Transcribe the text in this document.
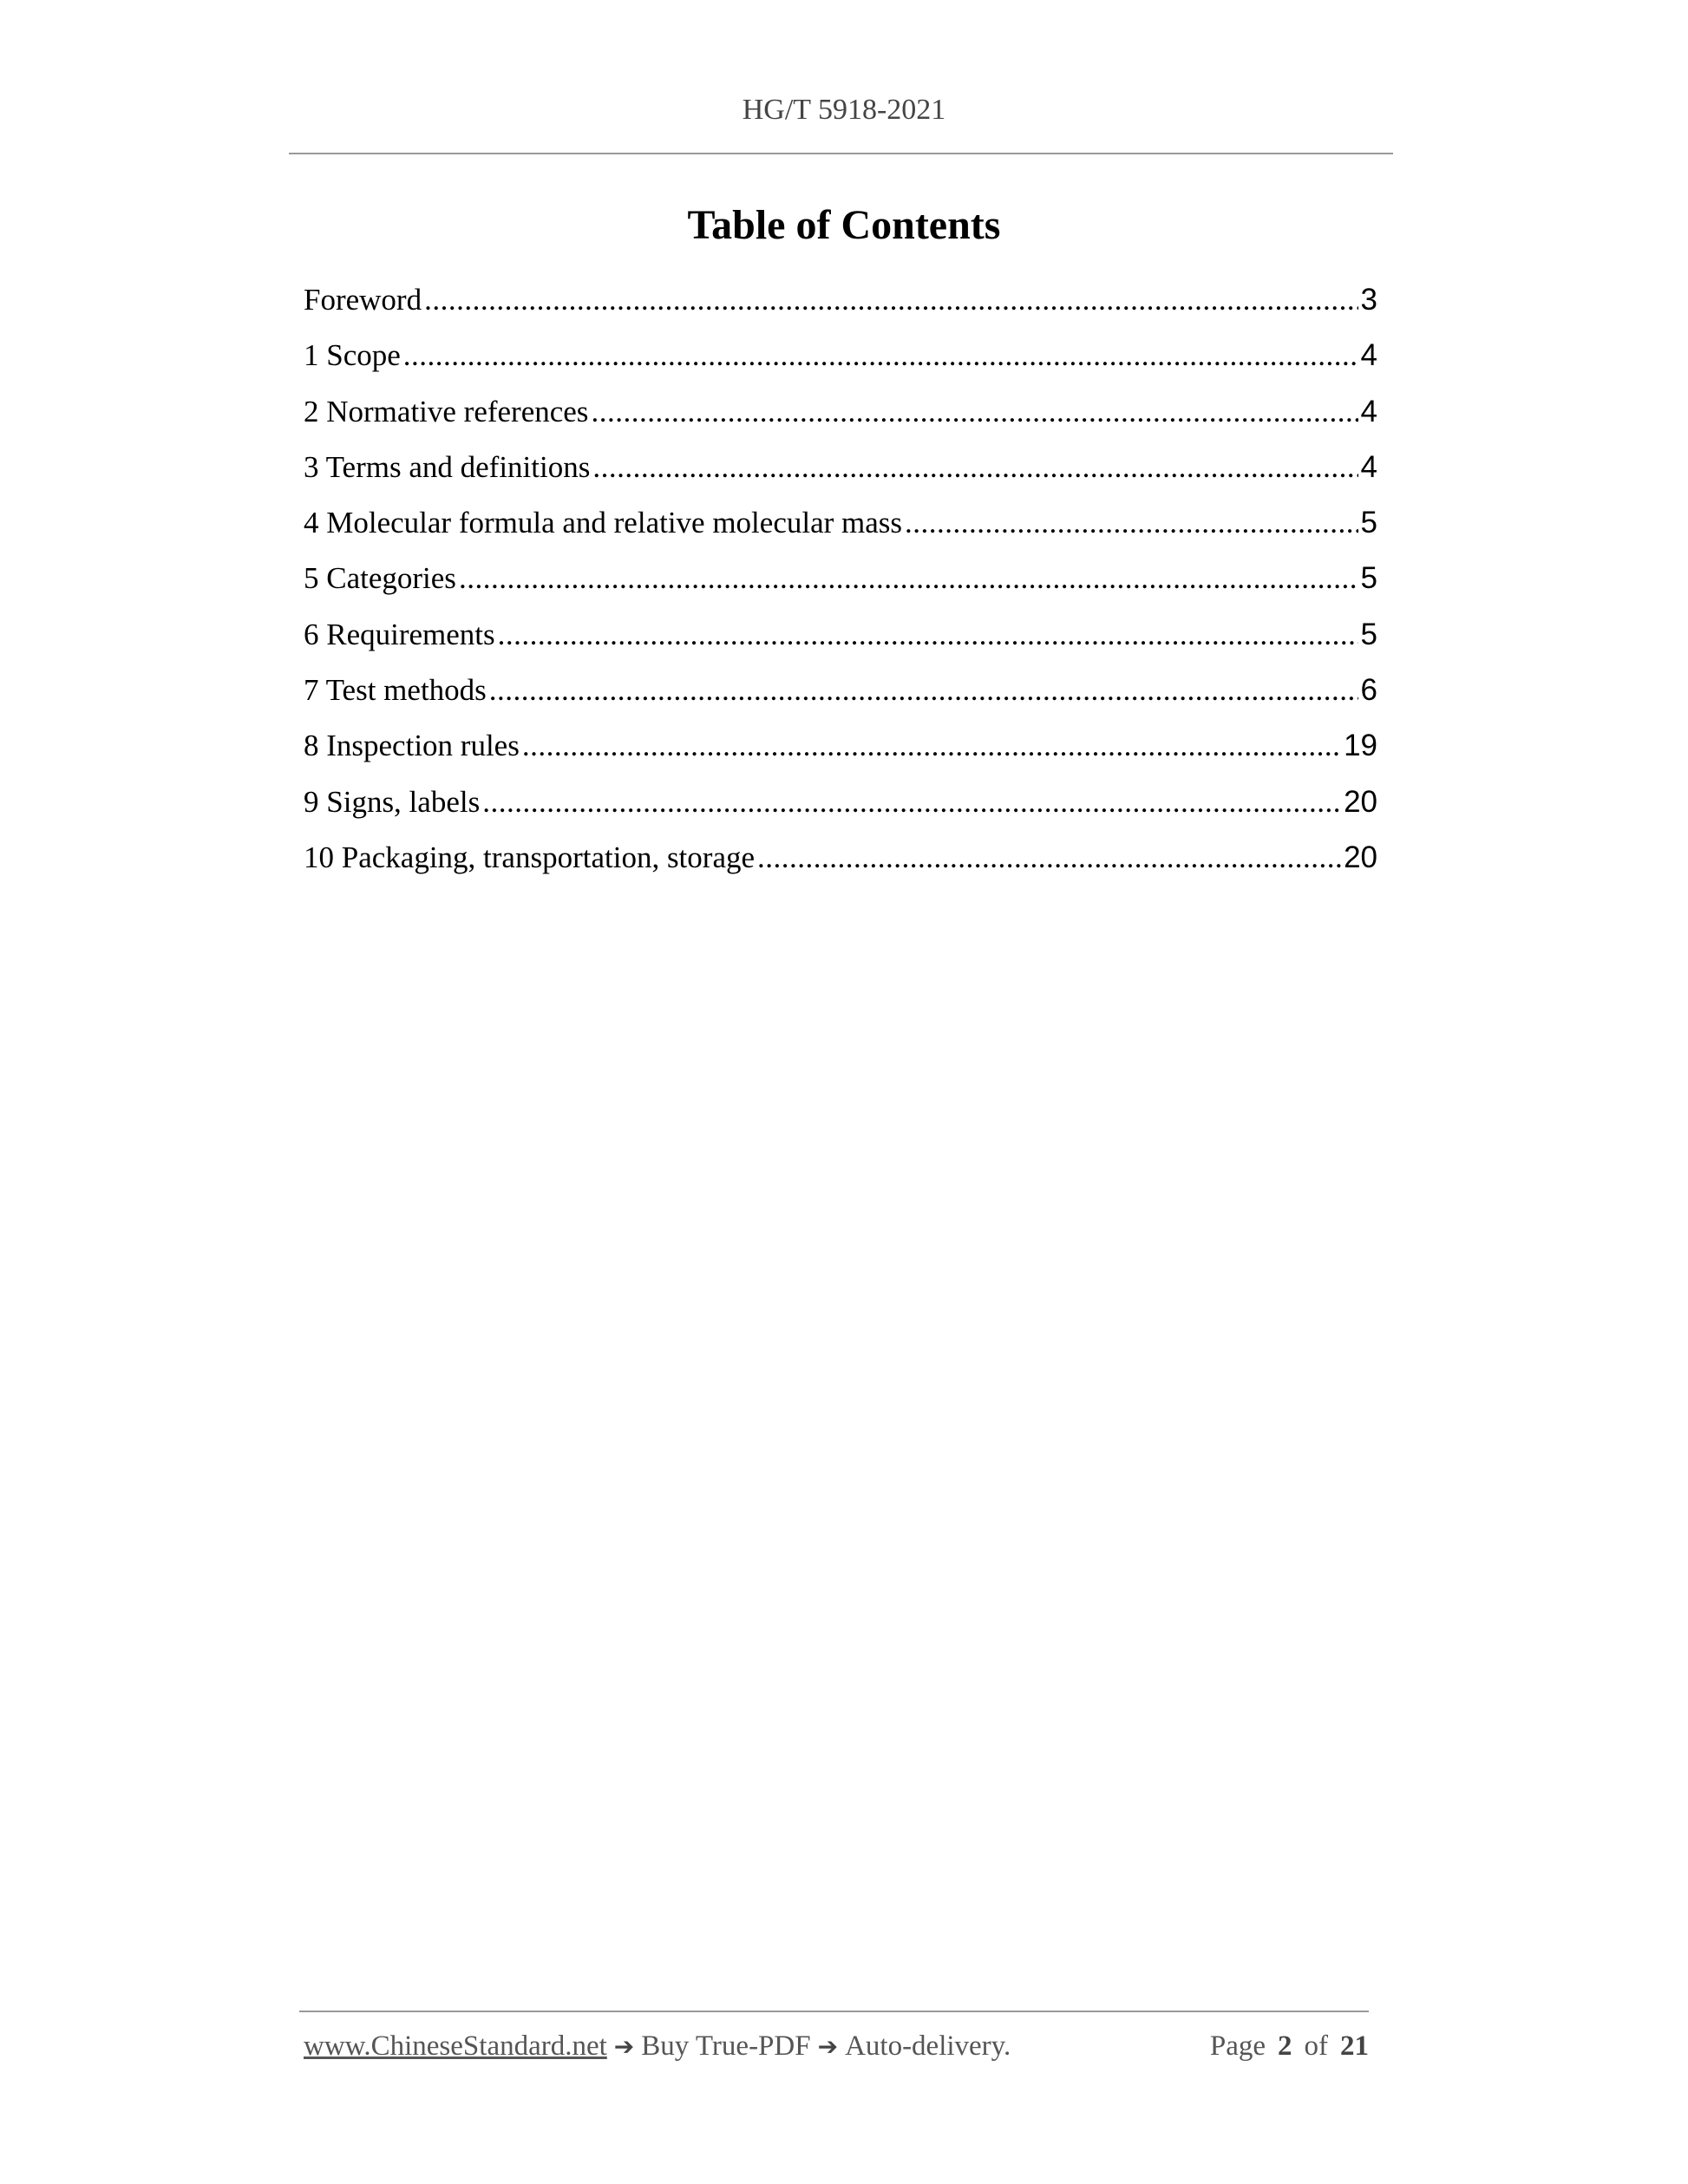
HG/T 5918-2021
Table of Contents
Foreword .....	3
1 Scope .....	4
2 Normative references .....	4
3 Terms and definitions .....	4
4 Molecular formula and relative molecular mass .....	5
5 Categories .....	5
6 Requirements .....	5
7 Test methods .....	6
8 Inspection rules .....	19
9 Signs, labels .....	20
10 Packaging, transportation, storage .....	20
www.ChineseStandard.net ➔ Buy True-PDF ➔ Auto-delivery.	Page 2 of 21
